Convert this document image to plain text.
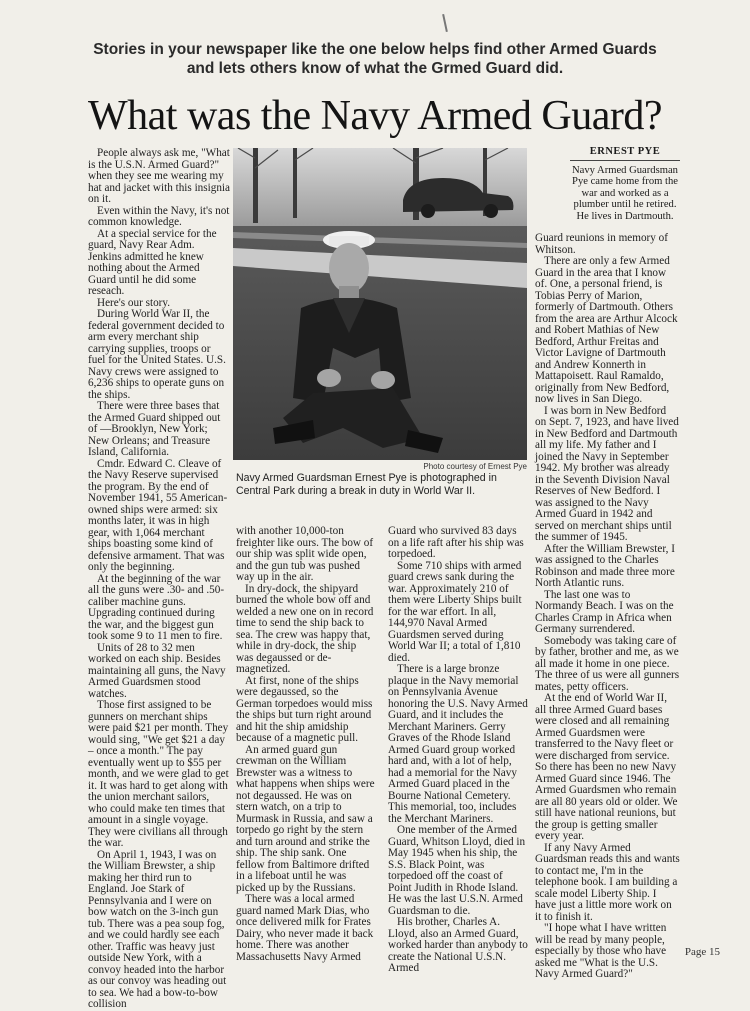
Stories in your newspaper like the one below helps find other Armed Guards
and lets others know of what the Grmed Guard did.
What was the Navy Armed Guard?

People always ask me, "What is the U.S.N. Armed Guard?" when they see me wearing my hat and jacket with this insignia on it.

Even within the Navy, it's not common knowledge.

At a special service for the guard, Navy Rear Adm. Jenkins admitted he knew nothing about the Armed Guard until he did some reseach.

Here's our story.

During World War II, the federal government decided to arm every merchant ship carrying supplies, troops or fuel for the United States. U.S. Navy crews were assigned to 6,236 ships to operate guns on the ships.

There were three bases that the Armed Guard shipped out of —Brooklyn, New York; New Orleans; and Treasure Island, California.

Cmdr. Edward C. Cleave of the Navy Reserve supervised the program. By the end of November 1941, 55 American-owned ships were armed: six months later, it was in high gear, with 1,064 merchant ships boasting some kind of defensive armament. That was only the beginning.

At the beginning of the war all the guns were .30- and .50-caliber machine guns. Upgrading continued during the war, and the biggest gun took some 9 to 11 men to fire.

Units of 28 to 32 men worked on each ship. Besides maintaining all guns, the Navy Armed Guardsmen stood watches.

Those first assigned to be gunners on merchant ships were paid $21 per month. They would sing, "We get $21 a day – once a month." The pay eventually went up to $55 per month, and we were glad to get it. It was hard to get along with the union merchant sailors, who could make ten times that amount in a single voyage. They were civilians all through the war.

On April 1, 1943, I was on the William Brewster, a ship making her third run to England. Joe Stark of Pennsylvania and I were on bow watch on the 3-inch gun tub. There was a pea soup fog, and we could hardly see each other. Traffic was heavy just outside New York, with a convoy headed into the harbor as our convoy was heading out to sea. We had a bow-to-bow collision

Photo courtesy of Ernest Pye
Navy Armed Guardsman Ernest Pye is photographed in Central Park during a break in duty in World War II.
ERNEST PYE
Navy Armed Guardsman Pye came home from the war and worked as a plumber until he retired. He lives in Dartmouth.

with another 10,000-ton freighter like ours. The bow of our ship was split wide open, and the gun tub was pushed way up in the air.

In dry-dock, the shipyard burned the whole bow off and welded a new one on in record time to send the ship back to sea. The crew was happy that, while in dry-dock, the ship was degaussed or de-magnetized.

At first, none of the ships were degaussed, so the German torpedoes would miss the ships but turn right around and hit the ship amidship because of a magnetic pull.

An armed guard gun crewman on the William Brewster was a witness to what happens when ships were not degaussed. He was on stern watch, on a trip to Murmask in Russia, and saw a torpedo go right by the stern and turn around and strike the ship. The ship sank. One fellow from Baltimore drifted in a lifeboat until he was picked up by the Russians.

There was a local armed guard named Mark Dias, who once delivered milk for Frates Dairy, who never made it back home. There was another Massachusetts Navy Armed

Guard who survived 83 days on a life raft after his ship was torpedoed.

Some 710 ships with armed guard crews sank during the war. Approximately 210 of them were Liberty Ships built for the war effort. In all, 144,970 Naval Armed Guardsmen served during World War II; a total of 1,810 died.

There is a large bronze plaque in the Navy memorial on Pennsylvania Avenue honoring the U.S. Navy Armed Guard, and it includes the Merchant Mariners. Gerry Graves of the Rhode Island Armed Guard group worked hard and, with a lot of help, had a memorial for the Navy Armed Guard placed in the Bourne National Cemetery. This memorial, too, includes the Merchant Mariners.

One member of the Armed Guard, Whitson Lloyd, died in May 1945 when his ship, the S.S. Black Point, was torpedoed off the coast of Point Judith in Rhode Island. He was the last U.S.N. Armed Guardsman to die.

His brother, Charles A. Lloyd, also an Armed Guard, worked harder than anybody to create the National U.S.N. Armed

Guard reunions in memory of Whitson.

There are only a few Armed Guard in the area that I know of. One, a personal friend, is Tobias Perry of Marion, formerly of Dartmouth. Others from the area are Arthur Alcock and Robert Mathias of New Bedford, Arthur Freitas and Victor Lavigne of Dartmouth and Andrew Konnerth in Mattapoisett. Raul Ramaldo, originally from New Bedford, now lives in San Diego.

I was born in New Bedford on Sept. 7, 1923, and have lived in New Bedford and Dartmouth all my life. My father and I joined the Navy in September 1942. My brother was already in the Seventh Division Naval Reserves of New Bedford. I was assigned to the Navy Armed Guard in 1942 and served on merchant ships until the summer of 1945.

After the William Brewster, I was assigned to the Charles Robinson and made three more North Atlantic runs.

The last one was to Normandy Beach. I was on the Charles Cramp in Africa when Germany surrendered.

Somebody was taking care of by father, brother and me, as we all made it home in one piece. The three of us were all gunners mates, petty officers.

At the end of World War II, all three Armed Guard bases were closed and all remaining Armed Guardsmen were transferred to the Navy fleet or were discharged from service. So there has been no new Navy Armed Guard since 1946. The Armed Guardsmen who remain are all 80 years old or older. We still have national reunions, but the group is getting smaller every year.

If any Navy Armed Guardsman reads this and wants to contact me, I'm in the telephone book. I am building a scale model Liberty Ship. I have just a little more work on it to finish it.

"I hope what I have written will be read by many people, especially by those who have asked me "What is the U.S. Navy Armed Guard?"

Page 15
